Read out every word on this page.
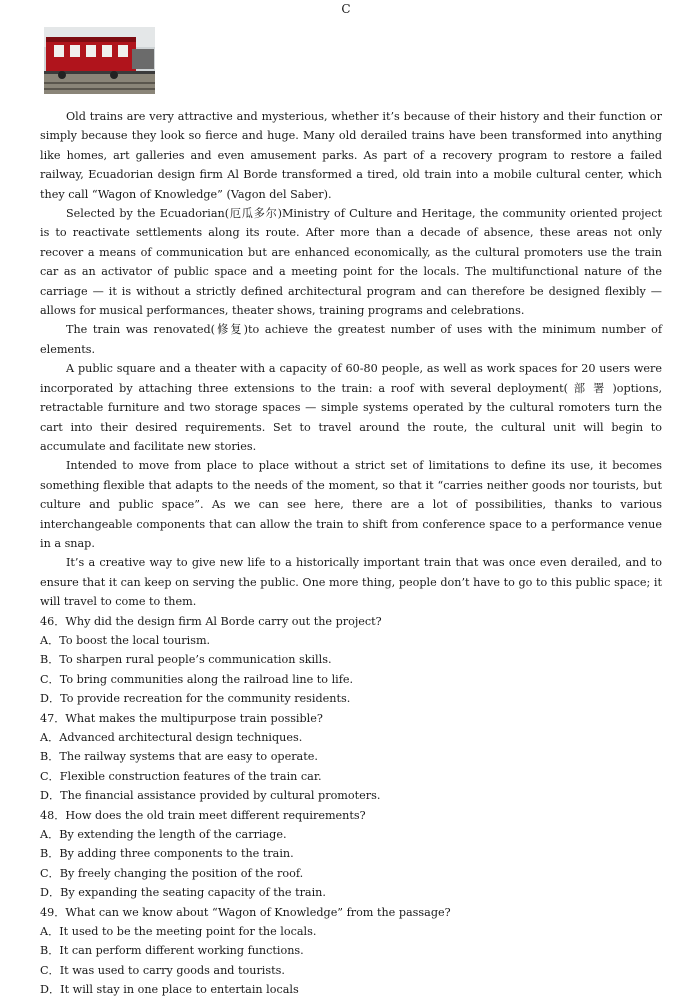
C

Old trains are very attractive and mysterious, whether it’s because of their history and their function or simply because they look so fierce and huge. Many old derailed trains have been transformed into anything like homes, art galleries and even amusement parks. As part of a recovery program to restore a failed railway, Ecuadorian design firm Al Borde transformed a tired, old train into a mobile cultural center, which they call “Wagon of Knowledge” (Vagon del Saber).

Selected by the Ecuadorian(厄瓜多尔)Ministry of Culture and Heritage, the community oriented project is to reactivate settlements along its route. After more than a decade of absence, these areas not only recover a means of communication but are enhanced economically, as the cultural promoters use the train car as an activator of public space and a meeting point for the locals. The multifunctional nature of the carriage — it is without a strictly defined architectural program and can therefore be designed flexibly — allows for musical performances, theater shows, training programs and celebrations.

The train was renovated(修复)to achieve the greatest number of uses with the minimum number of elements.

A public square and a theater with a capacity of 60-80 people, as well as work spaces for 20 users were incorporated by attaching three extensions to the train: a roof with several deployment( 部 署 )options, retractable furniture and two storage spaces — simple systems operated by the cultural romoters turn the cart into their desired requirements. Set to travel around the route, the cultural unit will begin to accumulate and facilitate new stories.

Intended to move from place to place without a strict set of limitations to define its use, it becomes something flexible that adapts to the needs of the moment, so that it “carries neither goods nor tourists, but culture and public space”. As we can see here, there are a lot of possibilities, thanks to various interchangeable components that can allow the train to shift from conference space to a performance venue in a snap.

It’s a creative way to give new life to a historically important train that was once even derailed, and to ensure that it can keep on serving the public. One more thing, people don’t have to go to this public space; it will travel to come to them.

46．Why did the design firm Al Borde carry out the project?
A．To boost the local tourism.
B．To sharpen rural people’s communication skills.
C．To bring communities along the railroad line to life.
D．To provide recreation for the community residents.
47．What makes the multipurpose train possible?
A．Advanced architectural design techniques.
B．The railway systems that are easy to operate.
C．Flexible construction features of the train car.
D．The financial assistance provided by cultural promoters.
48．How does the old train meet different requirements?
A．By extending the length of the carriage.
B．By adding three components to the train.
C．By freely changing the position of the roof.
D．By expanding the seating capacity of the train.
49．What can we know about “Wagon of Knowledge” from the passage?
A．It used to be the meeting point for the locals.
B．It can perform different working functions.
C．It was used to carry goods and tourists.
D．It will stay in one place to entertain locals
